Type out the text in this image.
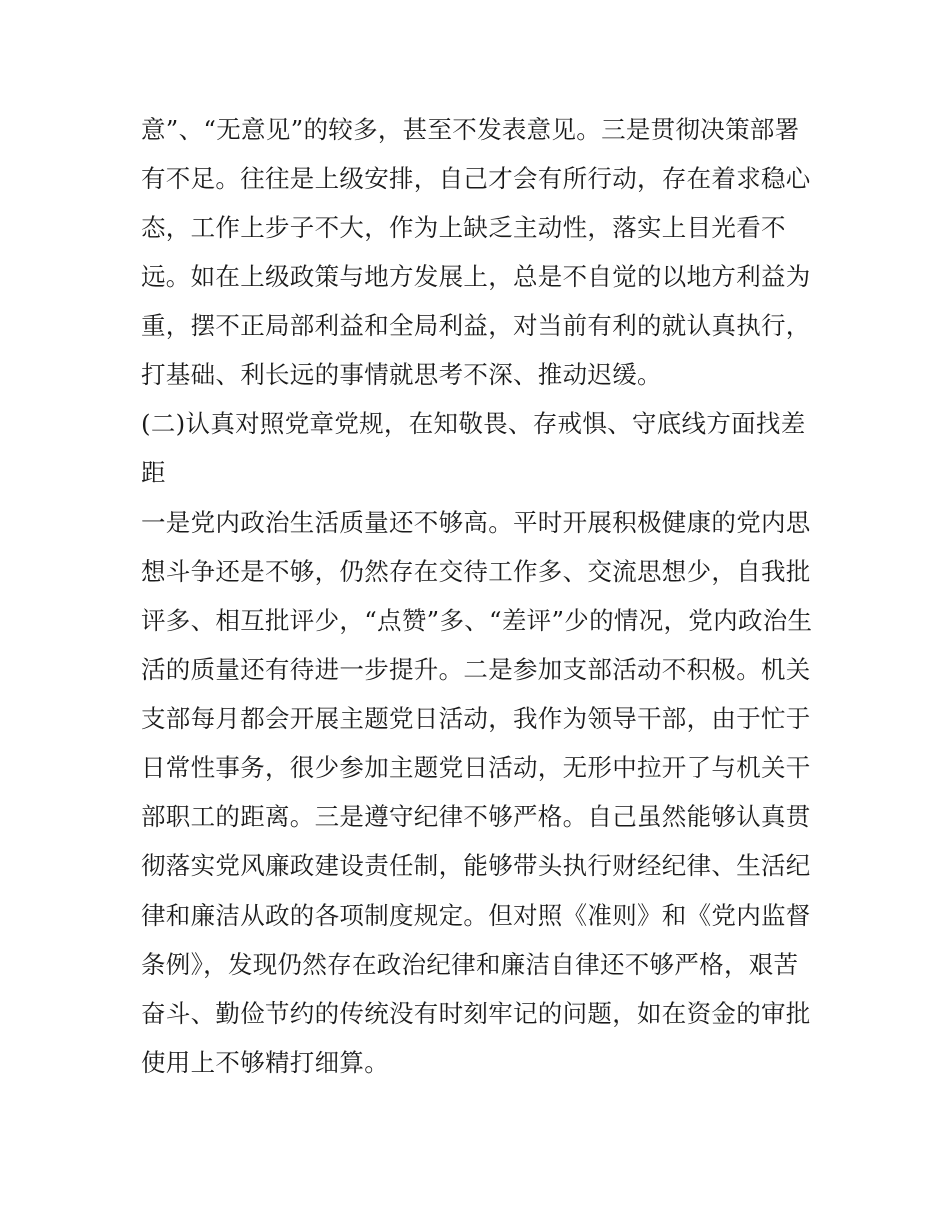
意”、“无意见”的较多，甚至不发表意见。三是贯彻决策部署
有不足。往往是上级安排，自己才会有所行动，存在着求稳心
态，工作上步子不大，作为上缺乏主动性，落实上目光看不
远。如在上级政策与地方发展上，总是不自觉的以地方利益为
重，摆不正局部利益和全局利益，对当前有利的就认真执行，
打基础、利长远的事情就思考不深、推动迟缓。
(二)认真对照党章党规，在知敬畏、存戒惧、守底线方面找差
距
一是党内政治生活质量还不够高。平时开展积极健康的党内思
想斗争还是不够，仍然存在交待工作多、交流思想少，自我批
评多、相互批评少，“点赞”多、“差评”少的情况，党内政治生
活的质量还有待进一步提升。二是参加支部活动不积极。机关
支部每月都会开展主题党日活动，我作为领导干部，由于忙于
日常性事务，很少参加主题党日活动，无形中拉开了与机关干
部职工的距离。三是遵守纪律不够严格。自己虽然能够认真贯
彻落实党风廉政建设责任制，能够带头执行财经纪律、生活纪
律和廉洁从政的各项制度规定。但对照《准则》和《党内监督
条例》，发现仍然存在政治纪律和廉洁自律还不够严格，艰苦
奋斗、勤俭节约的传统没有时刻牢记的问题，如在资金的审批
使用上不够精打细算。
